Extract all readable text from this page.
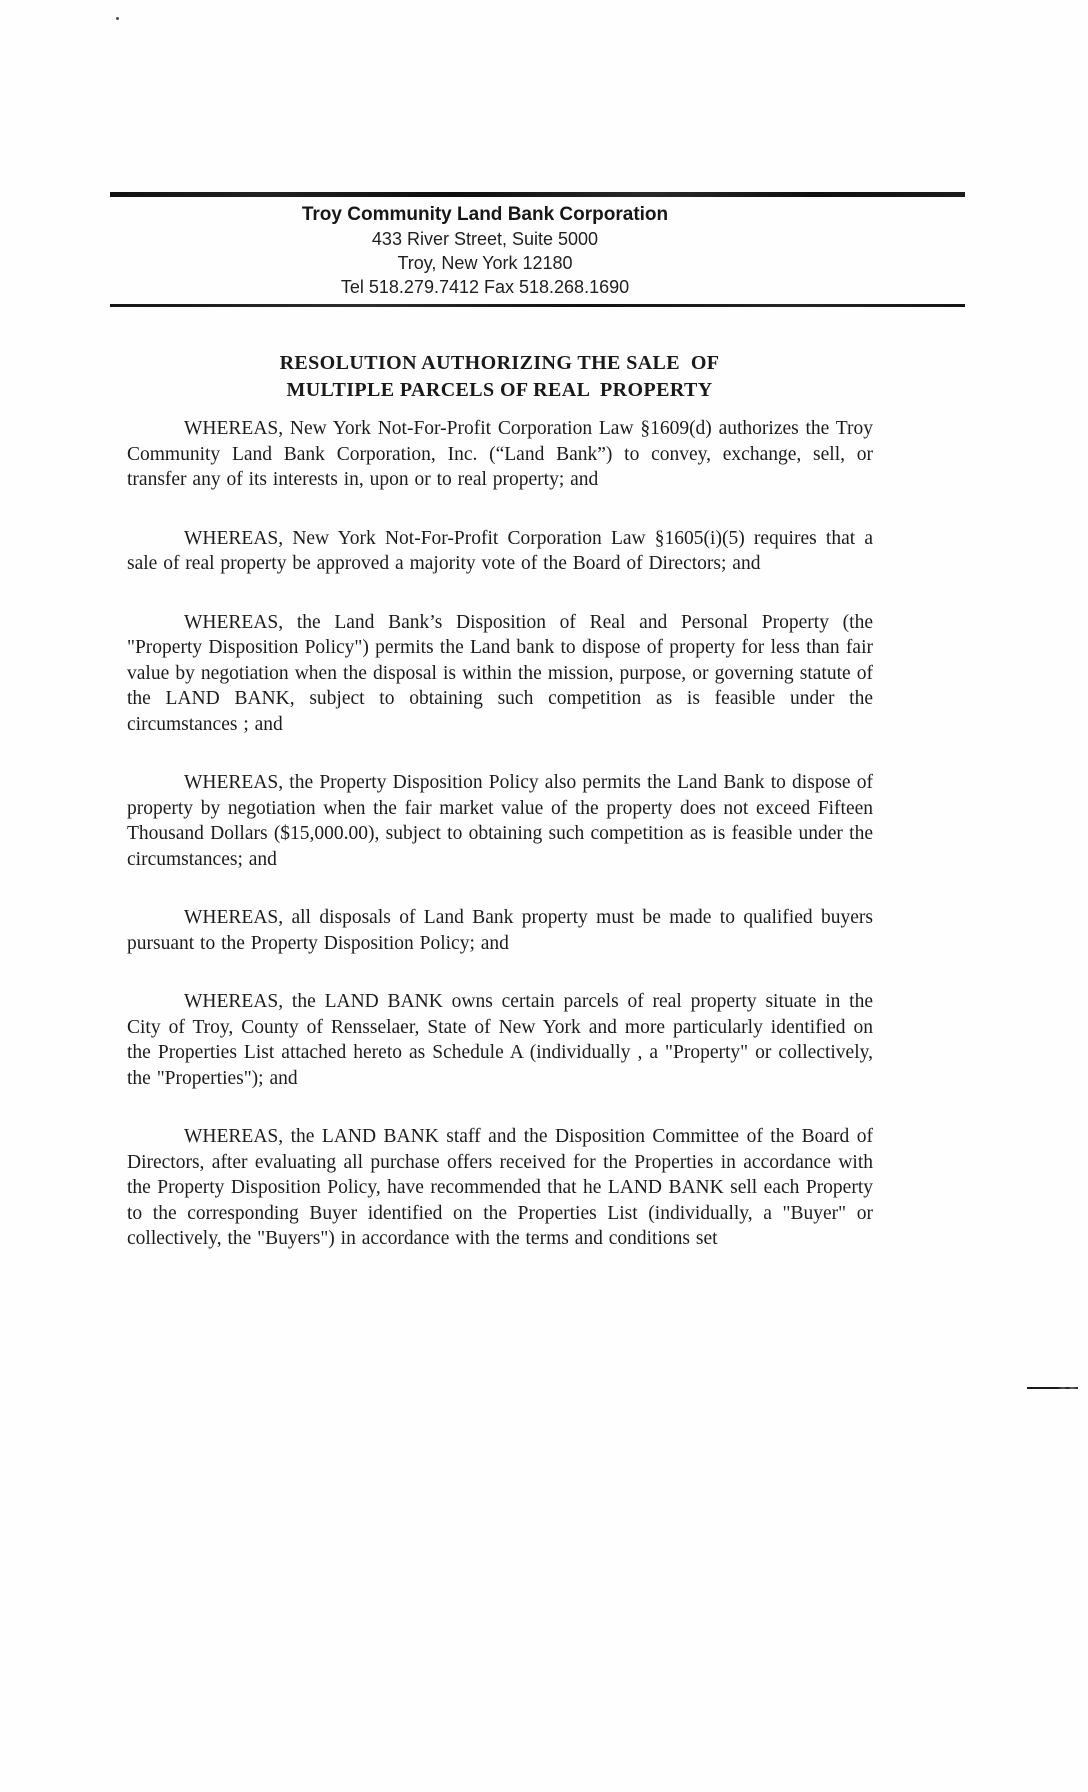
Troy Community Land Bank Corporation
433 River Street, Suite 5000
Troy, New York 12180
Tel 518.279.7412 Fax 518.268.1690
RESOLUTION AUTHORIZING THE SALE  OF
MULTIPLE PARCELS OF REAL  PROPERTY

WHEREAS, New York Not-For-Profit Corporation Law §1609(d) authorizes the Troy Community Land Bank Corporation, Inc. (“Land Bank”) to convey, exchange, sell, or transfer any of its interests in, upon or to real property; and

WHEREAS, New York Not-For-Profit Corporation Law §1605(i)(5) requires that a sale of real property be approved a majority vote of the Board of Directors; and

WHEREAS, the Land Bank’s Disposition of Real and Personal Property (the "Property Disposition Policy") permits the Land bank to dispose of property for less than fair value by negotiation when the disposal is within the mission, purpose, or governing statute of the LAND BANK, subject to obtaining such competition as is feasible under the circumstances ; and

WHEREAS, the Property Disposition Policy also permits the Land Bank to dispose of property by negotiation when the fair market value of the property does not exceed Fifteen Thousand Dollars ($15,000.00), subject to obtaining such competition as is feasible under the circumstances; and

WHEREAS, all disposals of Land Bank property must be made to qualified buyers pursuant to the Property Disposition Policy; and

WHEREAS, the LAND BANK owns certain parcels of real property situate in the City of Troy, County of Rensselaer, State of New York and more particularly identified on the Properties List attached hereto as Schedule A (individually , a "Property" or collectively, the "Properties"); and

WHEREAS, the LAND BANK staff and the Disposition Committee of the Board of Directors, after evaluating all purchase offers received for the Properties in accordance with the Property Disposition Policy, have recommended that he LAND BANK sell each Property to the corresponding Buyer identified on the Properties List (individually, a "Buyer" or collectively, the "Buyers") in accordance with the terms and conditions set
